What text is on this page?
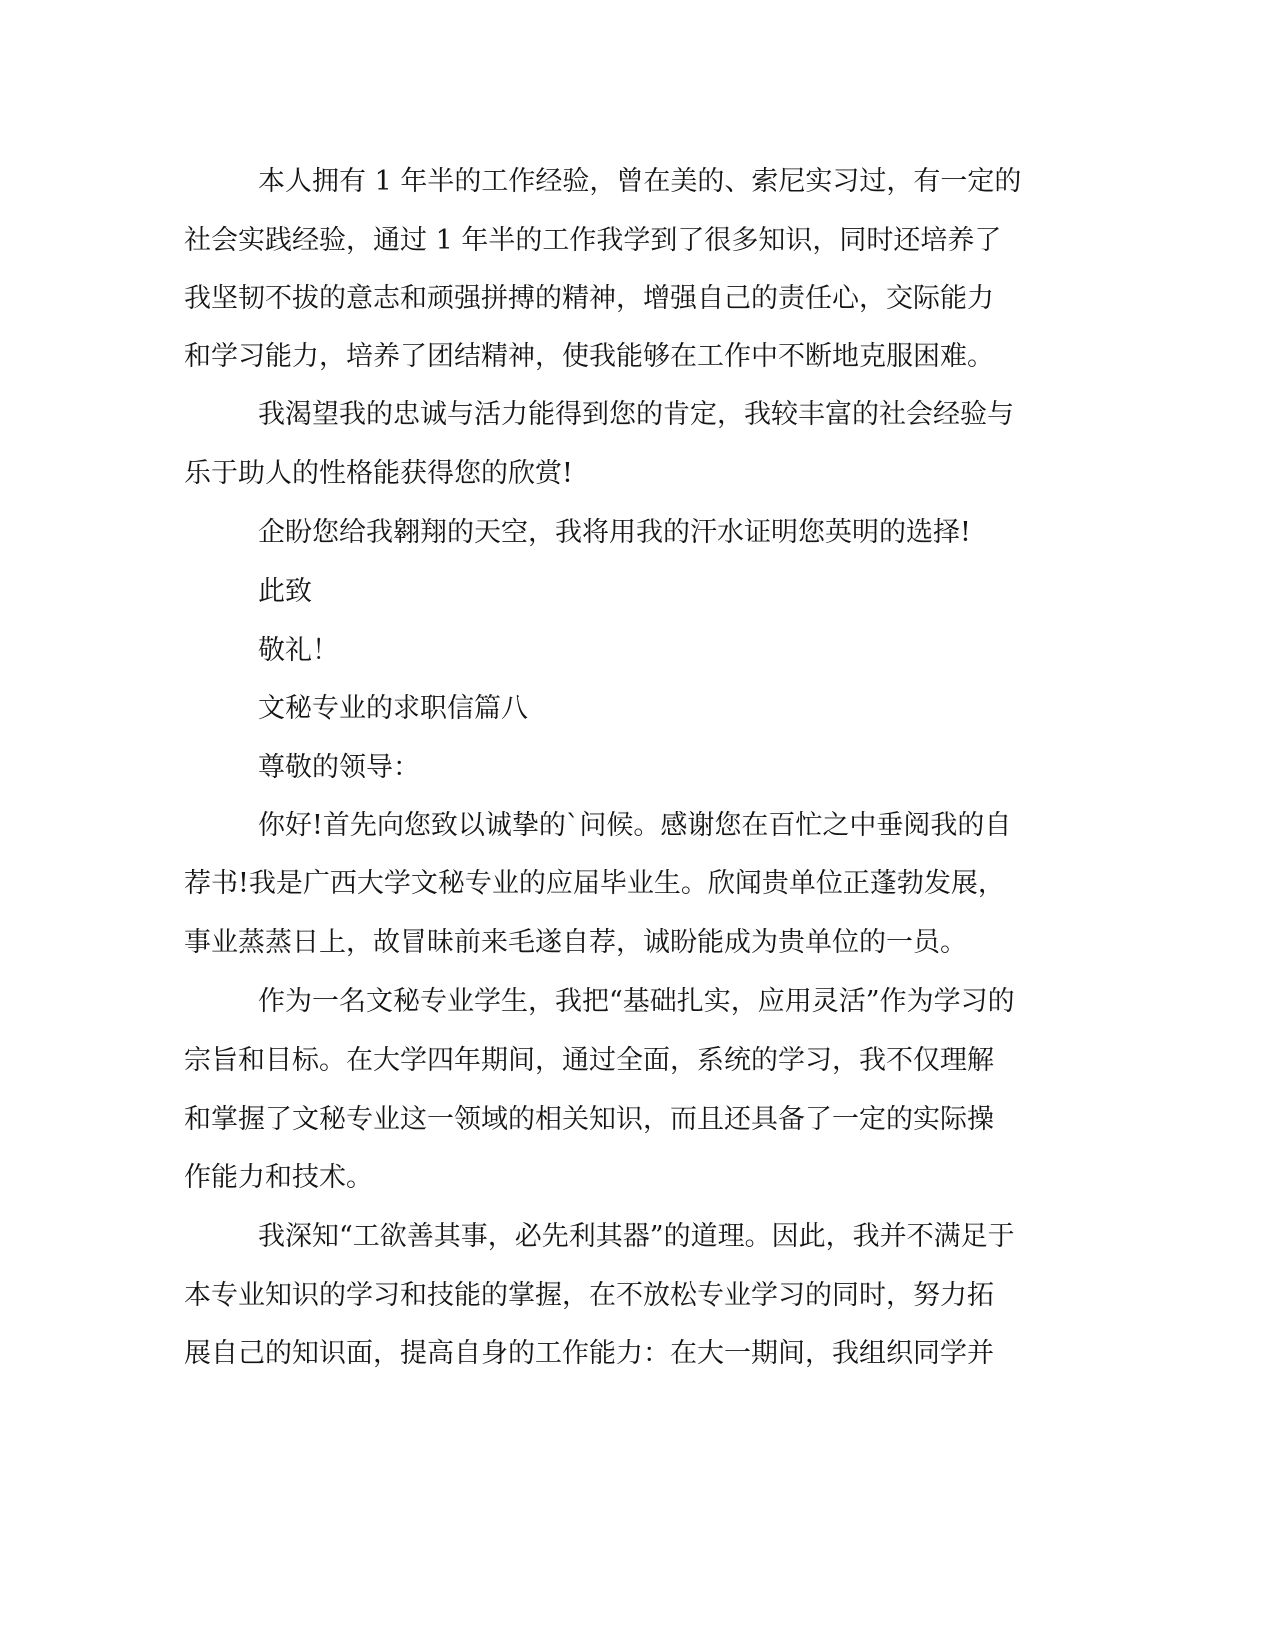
本人拥有 1 年半的工作经验，曾在美的、索尼实习过，有一定的
社会实践经验，通过 1 年半的工作我学到了很多知识，同时还培养了
我坚韧不拔的意志和顽强拼搏的精神，增强自己的责任心，交际能力
和学习能力，培养了团结精神，使我能够在工作中不断地克服困难。
我渴望我的忠诚与活力能得到您的肯定，我较丰富的社会经验与
乐于助人的性格能获得您的欣赏!
企盼您给我翱翔的天空，我将用我的汗水证明您英明的选择!
此致
敬礼！
文秘专业的求职信篇八
尊敬的领导：
你好!首先向您致以诚挚的`问候。感谢您在百忙之中垂阅我的自
荐书!我是广西大学文秘专业的应届毕业生。欣闻贵单位正蓬勃发展，
事业蒸蒸日上，故冒昧前来毛遂自荐，诚盼能成为贵单位的一员。
作为一名文秘专业学生，我把“基础扎实，应用灵活”作为学习的
宗旨和目标。在大学四年期间，通过全面，系统的学习，我不仅理解
和掌握了文秘专业这一领域的相关知识，而且还具备了一定的实际操
作能力和技术。
我深知“工欲善其事，必先利其器”的道理。因此，我并不满足于
本专业知识的学习和技能的掌握，在不放松专业学习的同时，努力拓
展自己的知识面，提高自身的工作能力：在大一期间，我组织同学并
